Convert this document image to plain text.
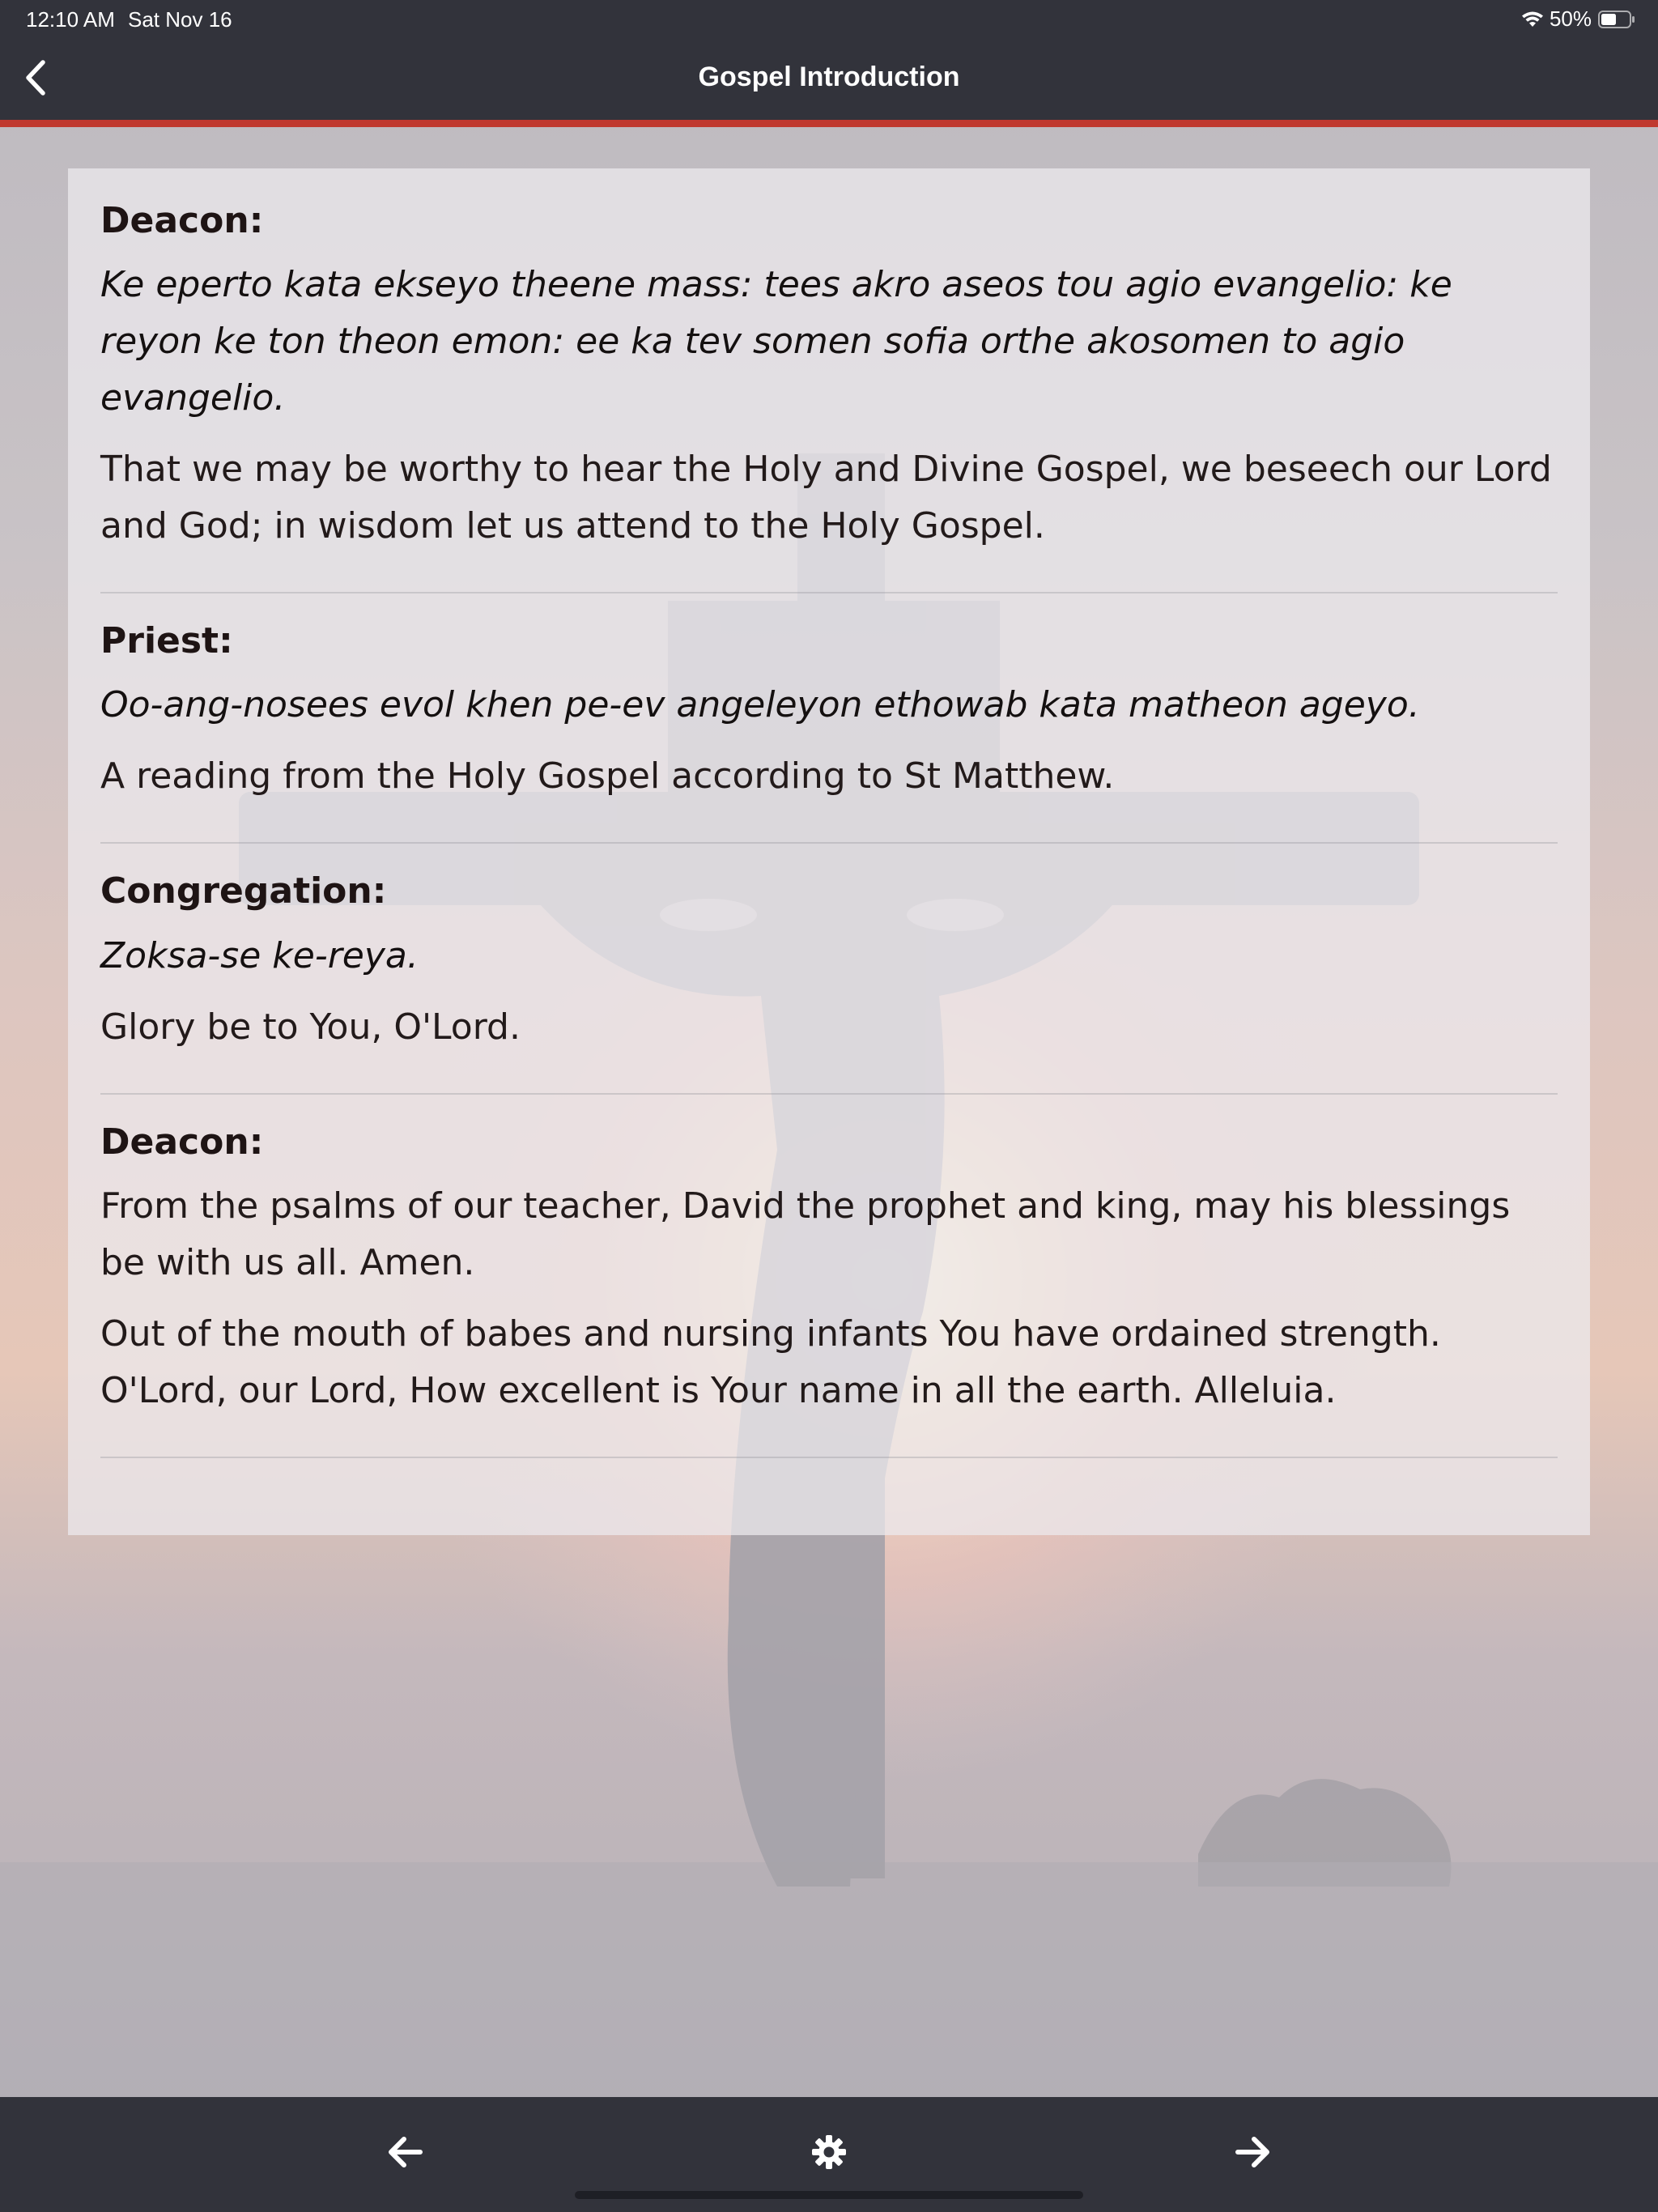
12:10 AM Sat Nov 16	50%
Gospel Introduction
Deacon:
Ke eperto kata ekseyo theene mass: tees akro aseos tou agio evangelio: ke reyon ke ton theon emon: ee ka tev somen sofia orthe akosomen to agio evangelio.
That we may be worthy to hear the Holy and Divine Gospel, we beseech our Lord and God; in wisdom let us attend to the Holy Gospel.
Priest:
Oo-ang-nosees evol khen pe-ev angeleyon ethowab kata matheon ageyo.
A reading from the Holy Gospel according to St Matthew.
Congregation:
Zoksa-se ke-reya.
Glory be to You, O'Lord.
Deacon:
From the psalms of our teacher, David the prophet and king, may his blessings be with us all. Amen.
Out of the mouth of babes and nursing infants You have ordained strength. O'Lord, our Lord, How excellent is Your name in all the earth. Alleluia.
